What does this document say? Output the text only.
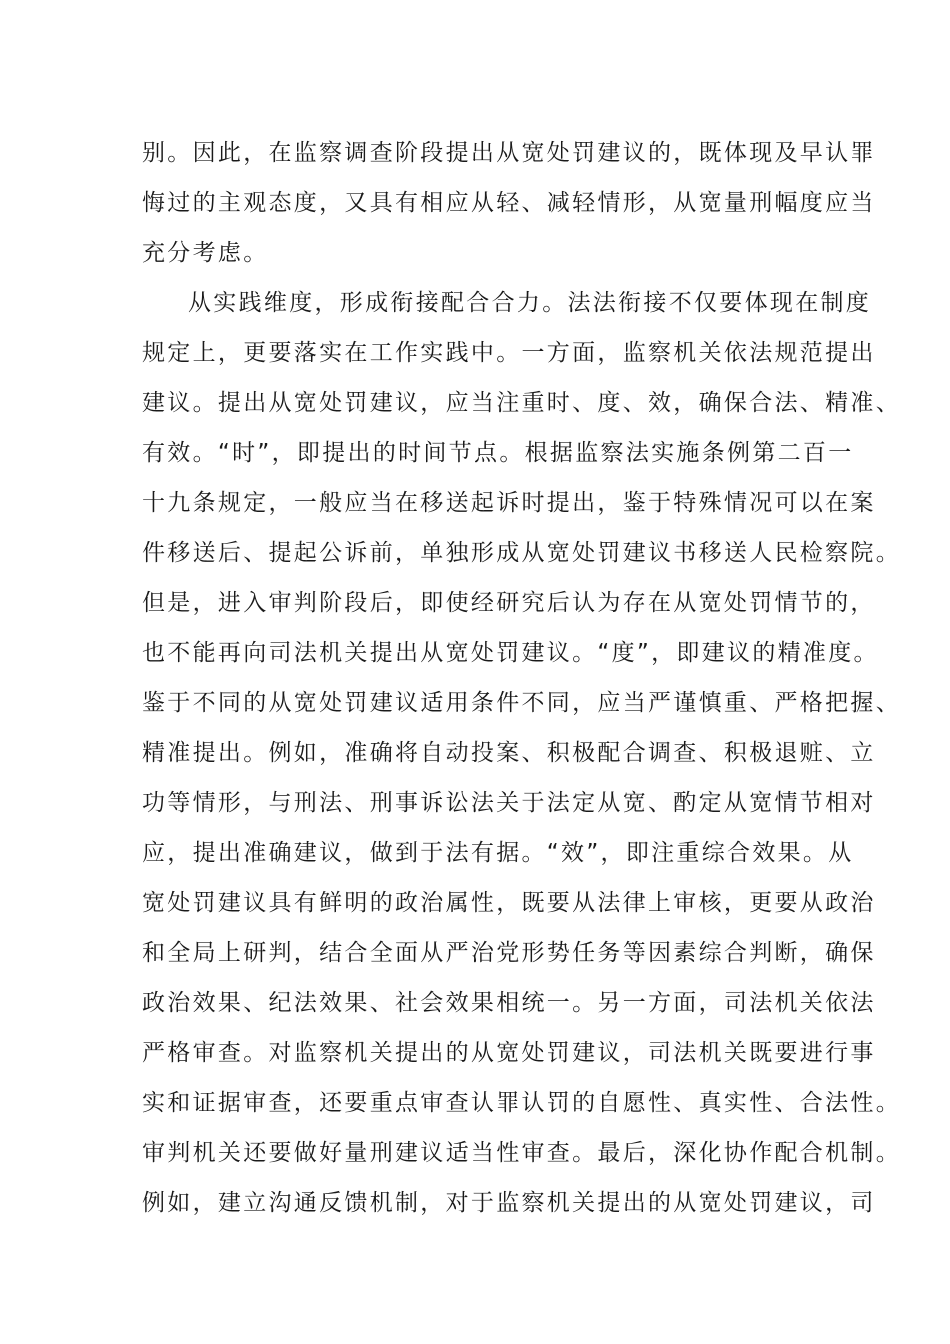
别。因此，在监察调查阶段提出从宽处罚建议的，既体现及早认罪
悔过的主观态度，又具有相应从轻、减轻情形，从宽量刑幅度应当
充分考虑。
从实践维度，形成衔接配合合力。法法衔接不仅要体现在制度
规定上，更要落实在工作实践中。一方面，监察机关依法规范提出
建议。提出从宽处罚建议，应当注重时、度、效，确保合法、精准、
有效。“时”，即提出的时间节点。根据监察法实施条例第二百一
十九条规定，一般应当在移送起诉时提出，鉴于特殊情况可以在案
件移送后、提起公诉前，单独形成从宽处罚建议书移送人民检察院。
但是，进入审判阶段后，即使经研究后认为存在从宽处罚情节的，
也不能再向司法机关提出从宽处罚建议。“度”，即建议的精准度。
鉴于不同的从宽处罚建议适用条件不同，应当严谨慎重、严格把握、
精准提出。例如，准确将自动投案、积极配合调查、积极退赃、立
功等情形，与刑法、刑事诉讼法关于法定从宽、酌定从宽情节相对
应，提出准确建议，做到于法有据。“效”，即注重综合效果。从
宽处罚建议具有鲜明的政治属性，既要从法律上审核，更要从政治
和全局上研判，结合全面从严治党形势任务等因素综合判断，确保
政治效果、纪法效果、社会效果相统一。另一方面，司法机关依法
严格审查。对监察机关提出的从宽处罚建议，司法机关既要进行事
实和证据审查，还要重点审查认罪认罚的自愿性、真实性、合法性。
审判机关还要做好量刑建议适当性审查。最后，深化协作配合机制。
例如，建立沟通反馈机制，对于监察机关提出的从宽处罚建议，司
